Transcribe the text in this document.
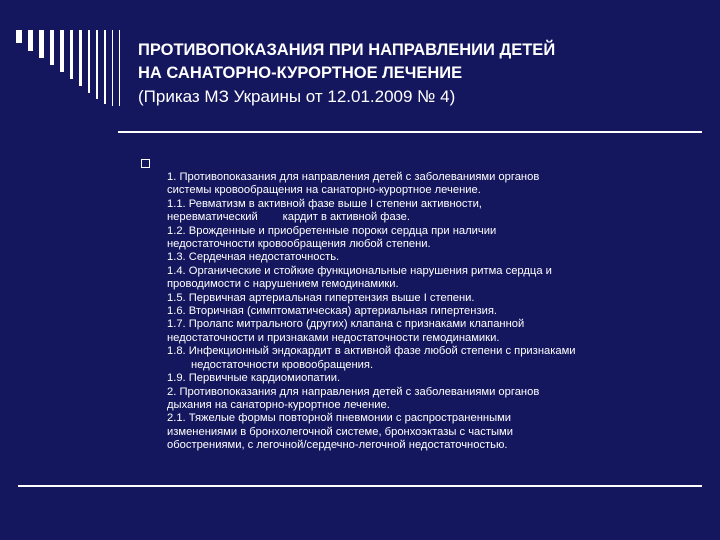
ПРОТИВОПОКАЗАНИЯ ПРИ НАПРАВЛЕНИИ ДЕТЕЙ
НА САНАТОРНО-КУРОРТНОЕ ЛЕЧЕНИЕ
(Приказ МЗ Украины от 12.01.2009 № 4)
1. Противопоказания для направления детей с заболеваниями органов
системы кровообращения на санаторно-курортное лечение.
1.1. Ревматизм в активной фазе выше I степени активности,
неревматический        кардит в активной фазе.
1.2. Врожденные и приобретенные пороки сердца при наличии
недостаточности кровообращения любой степени.
1.3. Сердечная недостаточность.
1.4. Органические и стойкие функциональные нарушения ритма сердца и
проводимости с нарушением гемодинамики.
1.5. Первичная артериальная гипертензия выше I степени.
1.6. Вторичная (симптоматическая) артериальная гипертензия.
1.7. Пролапс митрального (других) клапана с признаками клапанной
недостаточности и признаками недостаточности гемодинамики.
1.8. Инфекционный эндокардит в активной фазе любой степени с признаками
недостаточности кровообращения.
1.9. Первичные кардиомиопатии.
2. Противопоказания для направления детей с заболеваниями органов
дыхания на санаторно-курортное лечение.
2.1. Тяжелые формы повторной пневмонии с распространенными
изменениями в бронхолегочной системе, бронхоэктазы с частыми
обострениями, с легочной/сердечно-легочной недостаточностью.
